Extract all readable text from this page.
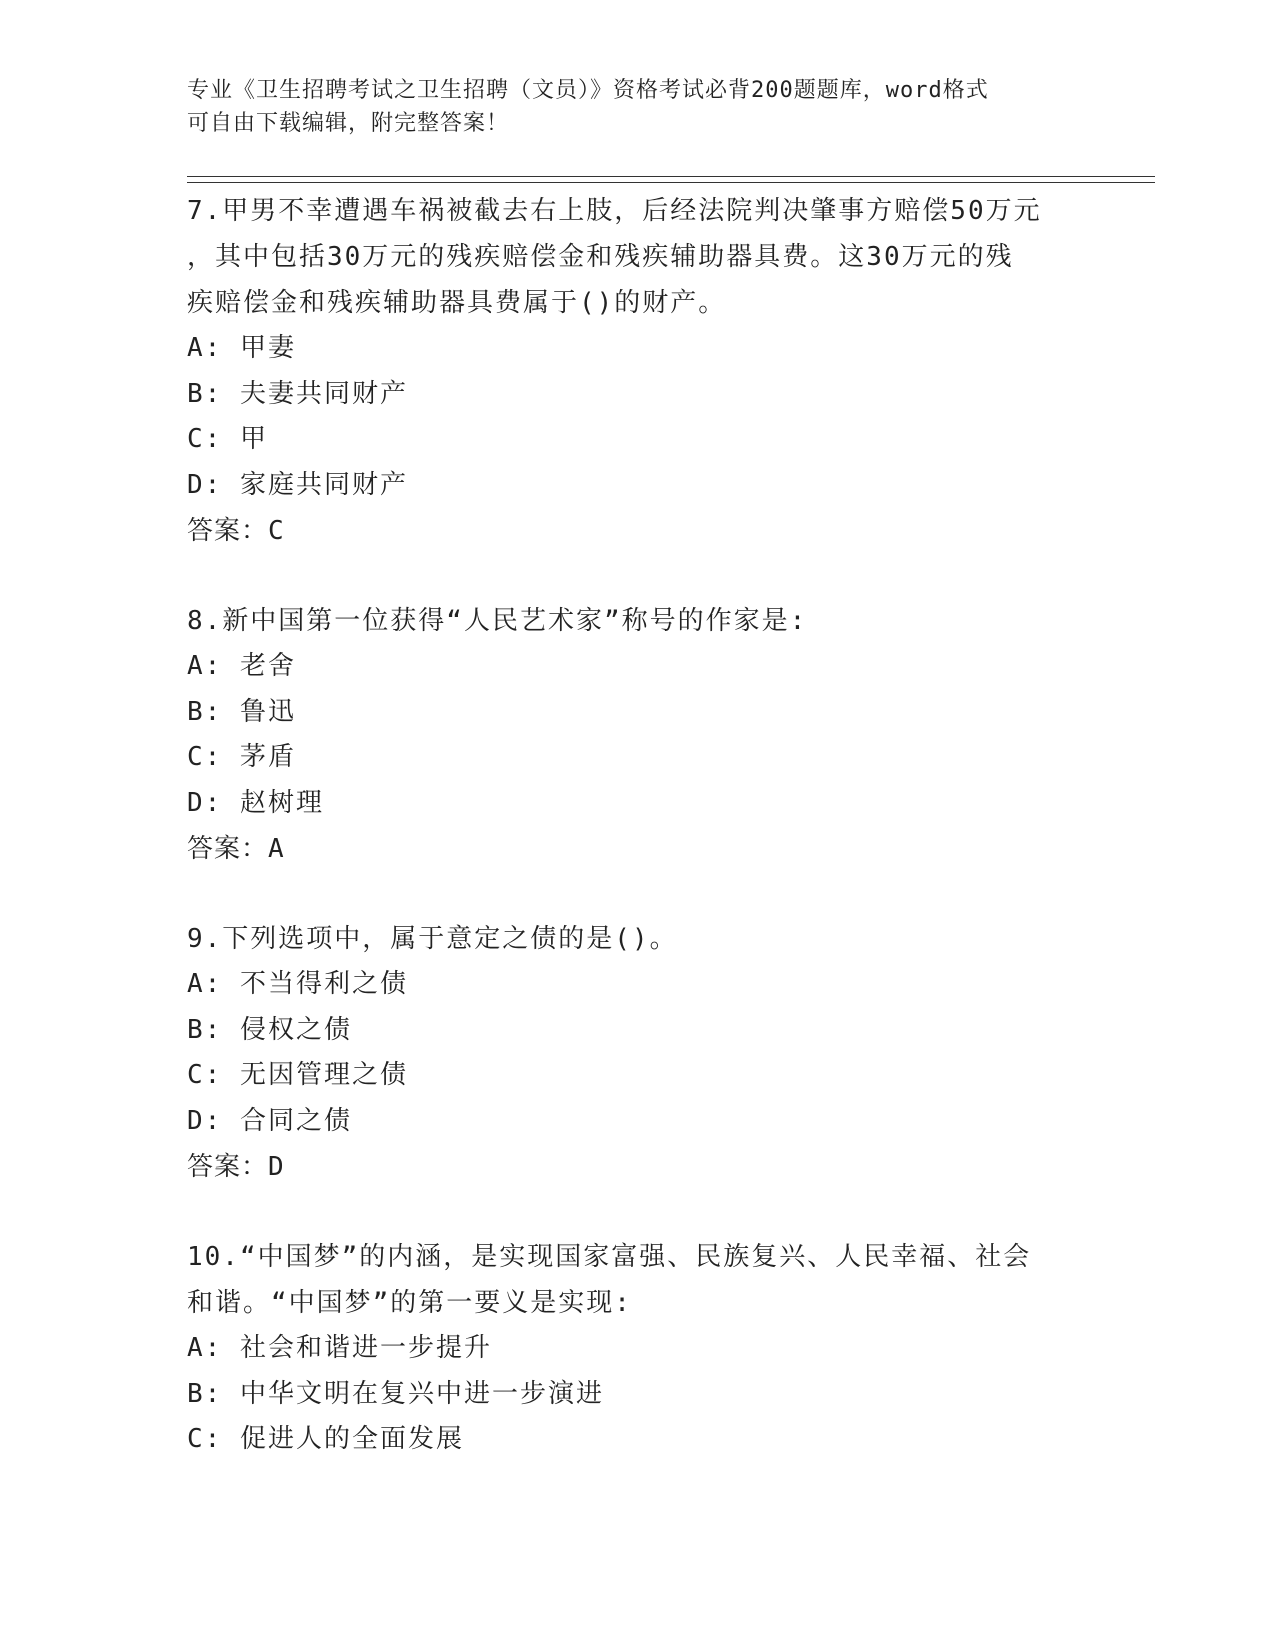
专业《卫生招聘考试之卫生招聘（文员）》资格考试必背200题题库，word格式
可自由下载编辑，附完整答案！
7.甲男不幸遭遇车祸被截去右上肢，后经法院判决肇事方赔偿50万元
，其中包括30万元的残疾赔偿金和残疾辅助器具费。这30万元的残
疾赔偿金和残疾辅助器具费属于()的财产。
A: 甲妻
B: 夫妻共同财产
C: 甲
D: 家庭共同财产
答案：C
8.新中国第一位获得“人民艺术家”称号的作家是:
A: 老舍
B: 鲁迅
C: 茅盾
D: 赵树理
答案：A
9.下列选项中，属于意定之债的是()。
A: 不当得利之债
B: 侵权之债
C: 无因管理之债
D: 合同之债
答案：D
10.“中国梦”的内涵，是实现国家富强、民族复兴、人民幸福、社会
和谐。“中国梦”的第一要义是实现:
A: 社会和谐进一步提升
B: 中华文明在复兴中进一步演进
C: 促进人的全面发展
